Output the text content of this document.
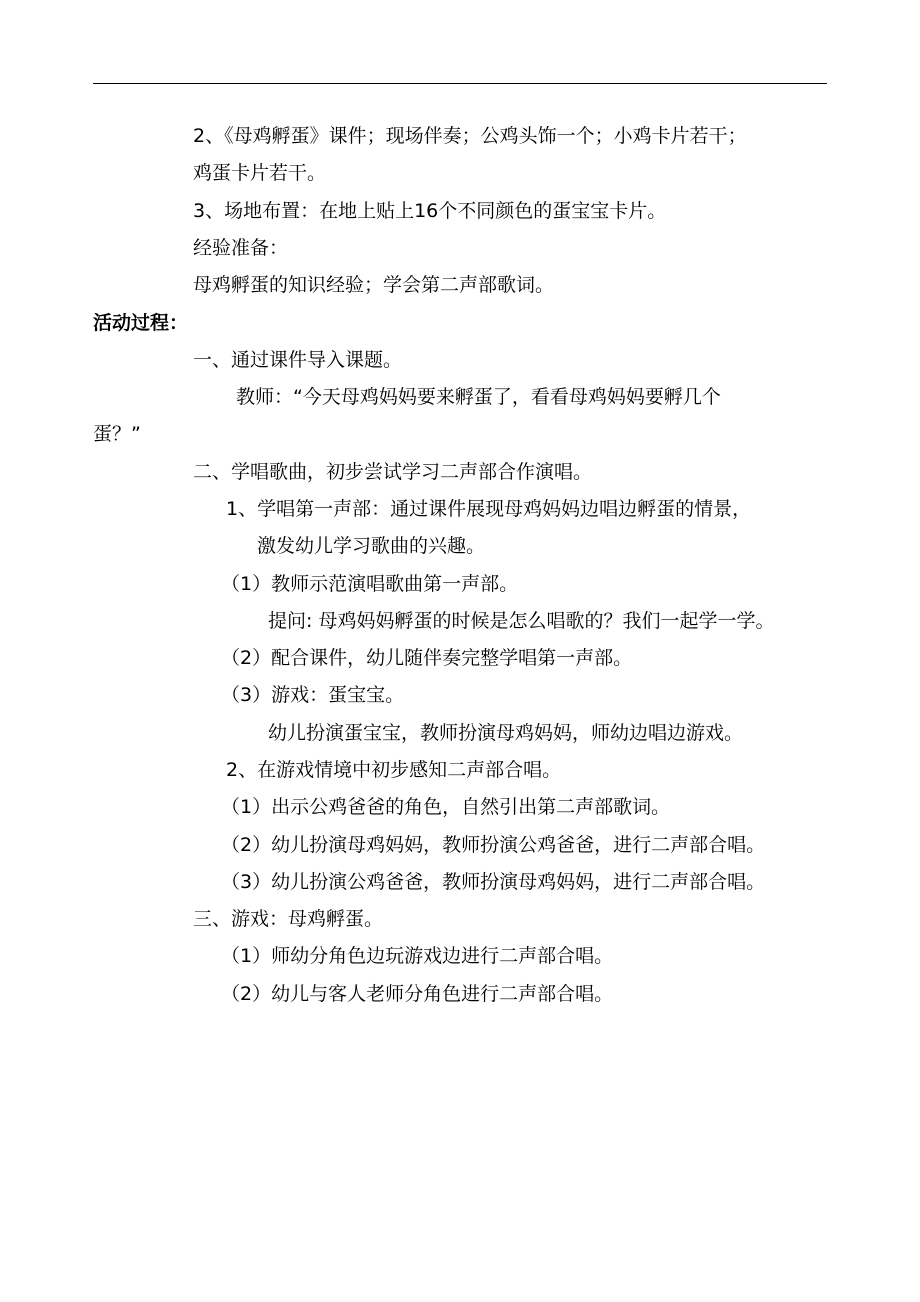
2、《母鸡孵蛋》课件；现场伴奏；公鸡头饰一个；小鸡卡片若干；
鸡蛋卡片若干。
3、场地布置：在地上贴上16个不同颜色的蛋宝宝卡片。
经验准备：
母鸡孵蛋的知识经验；学会第二声部歌词。
活动过程：
一、通过课件导入课题。
教师：“今天母鸡妈妈要来孵蛋了，看看母鸡妈妈要孵几个
蛋？”
二、学唱歌曲，初步尝试学习二声部合作演唱。
1、学唱第一声部：通过课件展现母鸡妈妈边唱边孵蛋的情景，
激发幼儿学习歌曲的兴趣。
（1）教师示范演唱歌曲第一声部。
提问: 母鸡妈妈孵蛋的时候是怎么唱歌的？我们一起学一学。
（2）配合课件，幼儿随伴奏完整学唱第一声部。
（3）游戏：蛋宝宝。
幼儿扮演蛋宝宝，教师扮演母鸡妈妈，师幼边唱边游戏。
2、在游戏情境中初步感知二声部合唱。
（1）出示公鸡爸爸的角色，自然引出第二声部歌词。
（2）幼儿扮演母鸡妈妈，教师扮演公鸡爸爸，进行二声部合唱。
（3）幼儿扮演公鸡爸爸，教师扮演母鸡妈妈，进行二声部合唱。
三、游戏：母鸡孵蛋。
（1）师幼分角色边玩游戏边进行二声部合唱。
（2）幼儿与客人老师分角色进行二声部合唱。
